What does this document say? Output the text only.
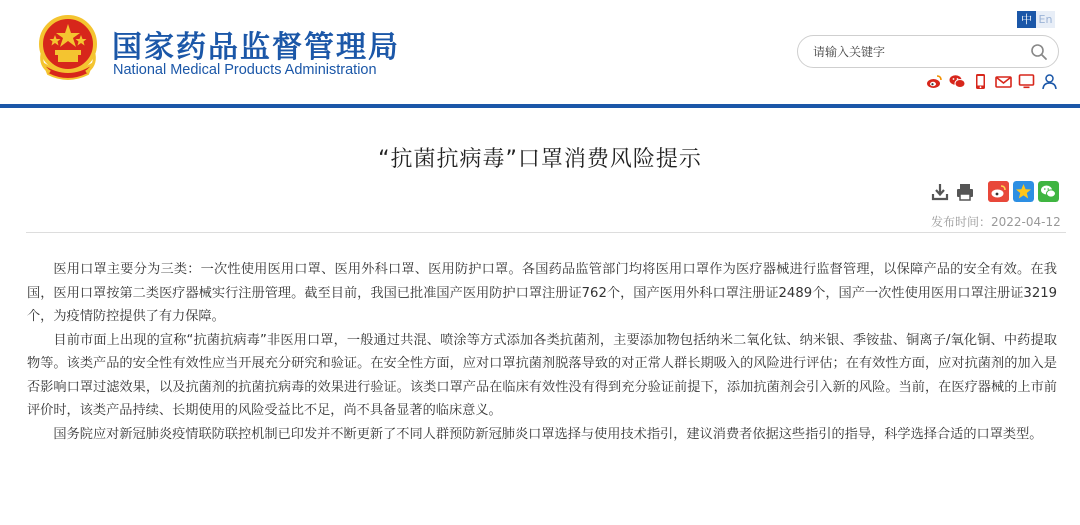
国家药品监督管理局
National Medical Products Administration
中 En
请输入关键字
“抗菌抗病毒”口罩消费风险提示
发布时间：2022-04-12

医用口罩主要分为三类：一次性使用医用口罩、医用外科口罩、医用防护口罩。各国药品监管部门均将医用口罩作为医疗器械进行监督管理，以保障产品的安全有效。在我国，医用口罩按第二类医疗器械实行注册管理。截至目前，我国已批准国产医用防护口罩注册证762个，国产医用外科口罩注册证2489个，国产一次性使用医用口罩注册证3219个，为疫情防控提供了有力保障。

目前市面上出现的宣称“抗菌抗病毒”非医用口罩，一般通过共混、喷涂等方式添加各类抗菌剂，主要添加物包括纳米二氧化钛、纳米银、季铵盐、铜离子/氧化铜、中药提取物等。该类产品的安全性有效性应当开展充分研究和验证。在安全性方面，应对口罩抗菌剂脱落导致的对正常人群长期吸入的风险进行评估；在有效性方面，应对抗菌剂的加入是否影响口罩过滤效果，以及抗菌剂的抗菌抗病毒的效果进行验证。该类口罩产品在临床有效性没有得到充分验证前提下，添加抗菌剂会引入新的风险。当前，在医疗器械的上市前评价时，该类产品持续、长期使用的风险受益比不足，尚不具备显著的临床意义。

国务院应对新冠肺炎疫情联防联控机制已印发并不断更新了不同人群预防新冠肺炎口罩选择与使用技术指引，建议消费者依据这些指引的指导，科学选择合适的口罩类型。
